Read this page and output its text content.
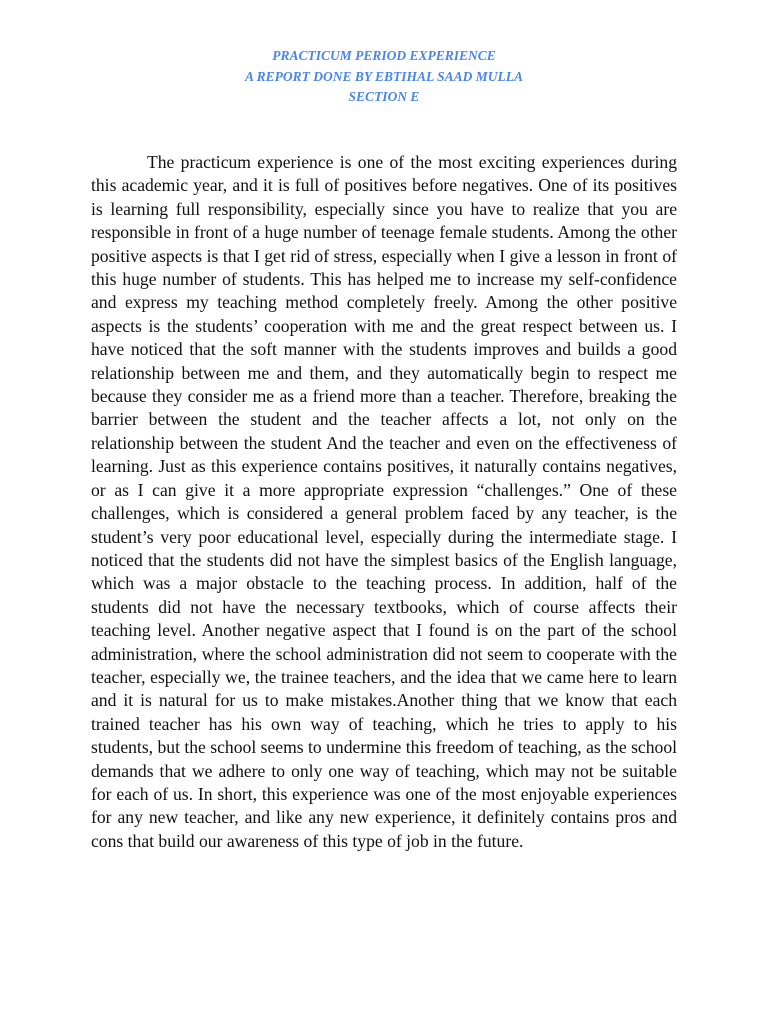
PRACTICUM PERIOD EXPERIENCE
A REPORT DONE BY EBTIHAL SAAD MULLA
SECTION E

The practicum experience is one of the most exciting experiences during this academic year, and it is full of positives before negatives. One of its positives is learning full responsibility, especially since you have to realize that you are responsible in front of a huge number of teenage female students. Among the other positive aspects is that I get rid of stress, especially when I give a lesson in front of this huge number of students. This has helped me to increase my self-confidence and express my teaching method completely freely. Among the other positive aspects is the students’ cooperation with me and the great respect between us. I have noticed that the soft manner with the students improves and builds a good relationship between me and them, and they automatically begin to respect me because they consider me as a friend more than a teacher. Therefore, breaking the barrier between the student and the teacher affects a lot, not only on the relationship between the student And the teacher and even on the effectiveness of learning. Just as this experience contains positives, it naturally contains negatives, or as I can give it a more appropriate expression “challenges.” One of these challenges, which is considered a general problem faced by any teacher, is the student’s very poor educational level, especially during the intermediate stage. I noticed that the students did not have the simplest basics of the English language, which was a major obstacle to the teaching process. In addition, half of the students did not have the necessary textbooks, which of course affects their teaching level. Another negative aspect that I found is on the part of the school administration, where the school administration did not seem to cooperate with the teacher, especially we, the trainee teachers, and the idea that we came here to learn and it is natural for us to make mistakes.Another thing that we know that each trained teacher has his own way of teaching, which he tries to apply to his students, but the school seems to undermine this freedom of teaching, as the school demands that we adhere to only one way of teaching, which may not be suitable for each of us. In short, this experience was one of the most enjoyable experiences for any new teacher, and like any new experience, it definitely contains pros and cons that build our awareness of this type of job in the future.
